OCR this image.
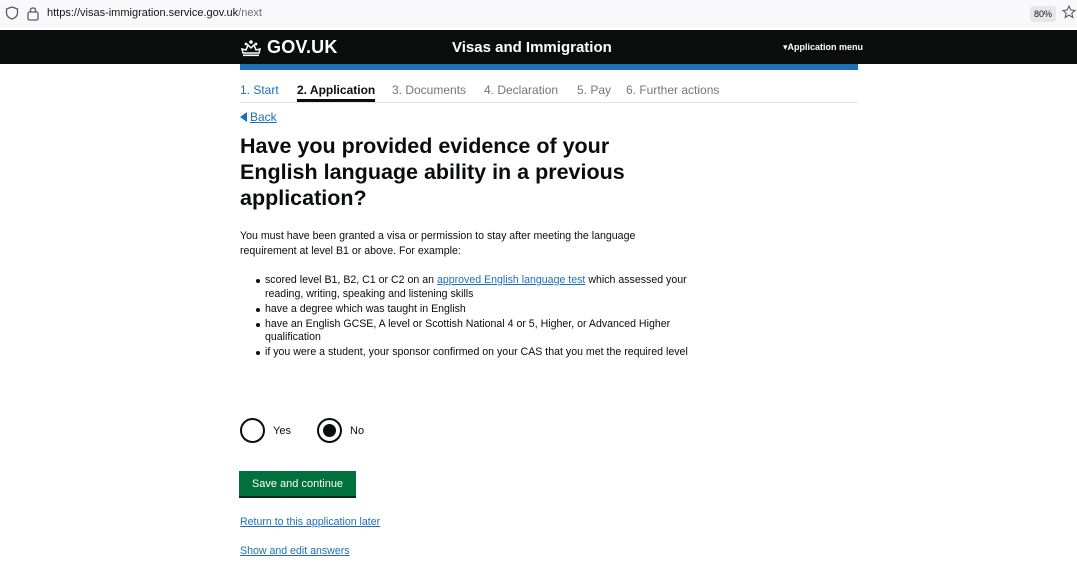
https://visas-immigration.service.gov.uk/next	80%
GOV.UK	Visas and Immigration	▾Application menu
1. Start 2. Application 3. Documents 4. Declaration 5. Pay 6. Further actions
Back
Have you provided evidence of your English language ability in a previous application?

You must have been granted a visa or permission to stay after meeting the language requirement at level B1 or above. For example:

scored level B1, B2, C1 or C2 on an approved English language test which assessed your reading, writing, speaking and listening skills
have a degree which was taught in English
have an English GCSE, A level or Scottish National 4 or 5, Higher, or Advanced Higher qualification
if you were a student, your sponsor confirmed on your CAS that you met the required level
Yes	No
Save and continue
Return to this application later
Show and edit answers
